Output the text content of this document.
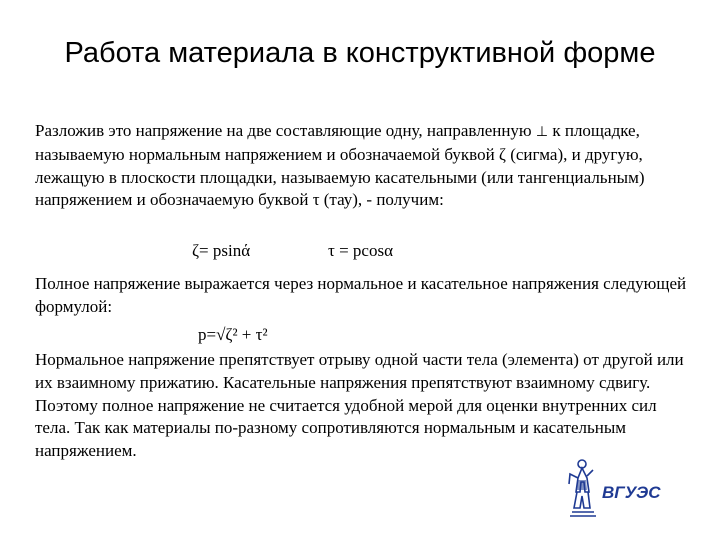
Работа материала в конструктивной форме

Разложив это напряжение на две составляющие одну, направленную ⊥ к площадке, называемую нормальным напряжением и обозначаемой буквой ζ (сигма), и другую, лежащую в плоскости площадки, называемую касательными (или тангенциальным) напряжением и обозначаемую буквой τ (тау), - получим:

ζ= psinά	τ = pcosα

Полное напряжение выражается через нормальное и касательное напряжения следующей формулой:

p=√ζ² + τ²

Нормальное напряжение препятствует отрыву одной части тела (элемента) от другой или их взаимному прижатию. Касательные напряжения препятствуют взаимному сдвигу. Поэтому полное напряжение не считается удобной мерой для оценки внутренних сил тела. Так как материалы по-разному сопротивляются нормальным и касательным напряжением.

ВГУЭС
